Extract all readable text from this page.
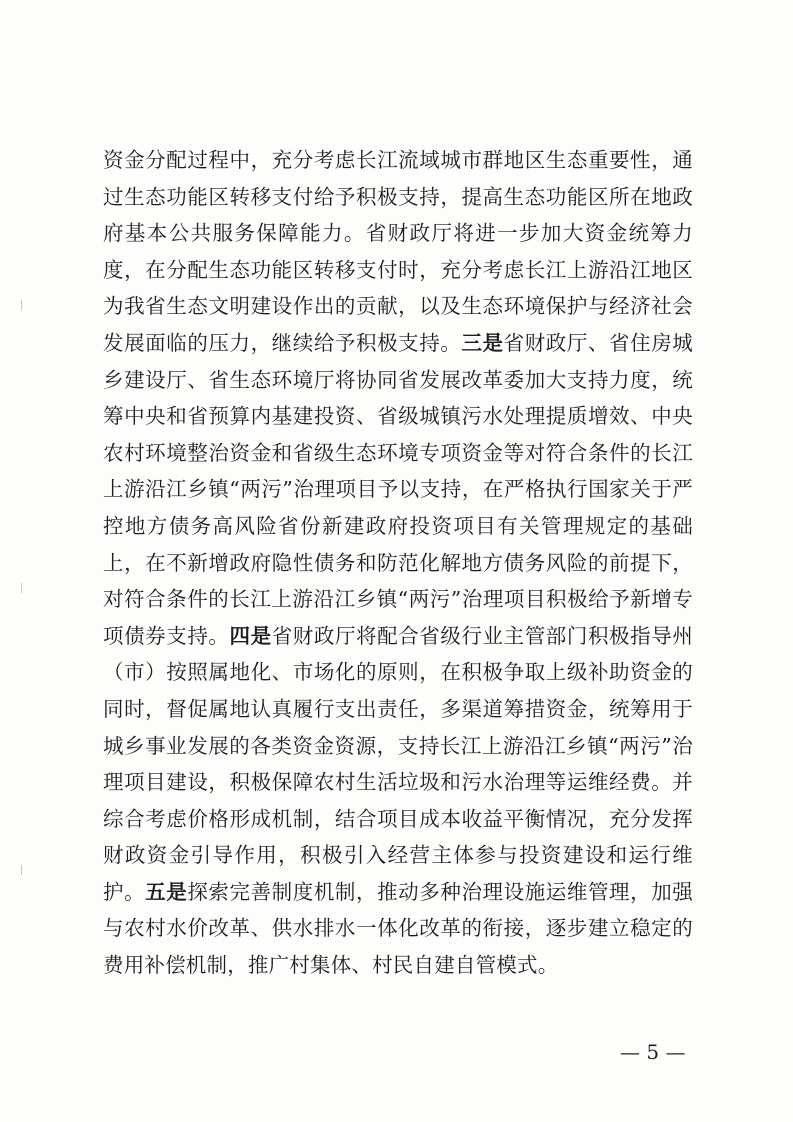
资金分配过程中，充分考虑长江流域城市群地区生态重要性，通过生态功能区转移支付给予积极支持，提高生态功能区所在地政府基本公共服务保障能力。省财政厅将进一步加大资金统筹力度，在分配生态功能区转移支付时，充分考虑长江上游沿江地区为我省生态文明建设作出的贡献，以及生态环境保护与经济社会发展面临的压力，继续给予积极支持。三是省财政厅、省住房城乡建设厅、省生态环境厅将协同省发展改革委加大支持力度，统筹中央和省预算内基建投资、省级城镇污水处理提质增效、中央农村环境整治资金和省级生态环境专项资金等对符合条件的长江上游沿江乡镇“两污”治理项目予以支持，在严格执行国家关于严控地方债务高风险省份新建政府投资项目有关管理规定的基础上，在不新增政府隐性债务和防范化解地方债务风险的前提下，对符合条件的长江上游沿江乡镇“两污”治理项目积极给予新增专项债券支持。四是省财政厅将配合省级行业主管部门积极指导州（市）按照属地化、市场化的原则，在积极争取上级补助资金的同时，督促属地认真履行支出责任，多渠道筹措资金，统筹用于城乡事业发展的各类资金资源，支持长江上游沿江乡镇“两污”治理项目建设，积极保障农村生活垃圾和污水治理等运维经费。并综合考虑价格形成机制，结合项目成本收益平衡情况，充分发挥财政资金引导作用，积极引入经营主体参与投资建设和运行维护。五是探索完善制度机制，推动多种治理设施运维管理，加强与农村水价改革、供水排水一体化改革的衔接，逐步建立稳定的费用补偿机制，推广村集体、村民自建自管模式。

— 5 —
